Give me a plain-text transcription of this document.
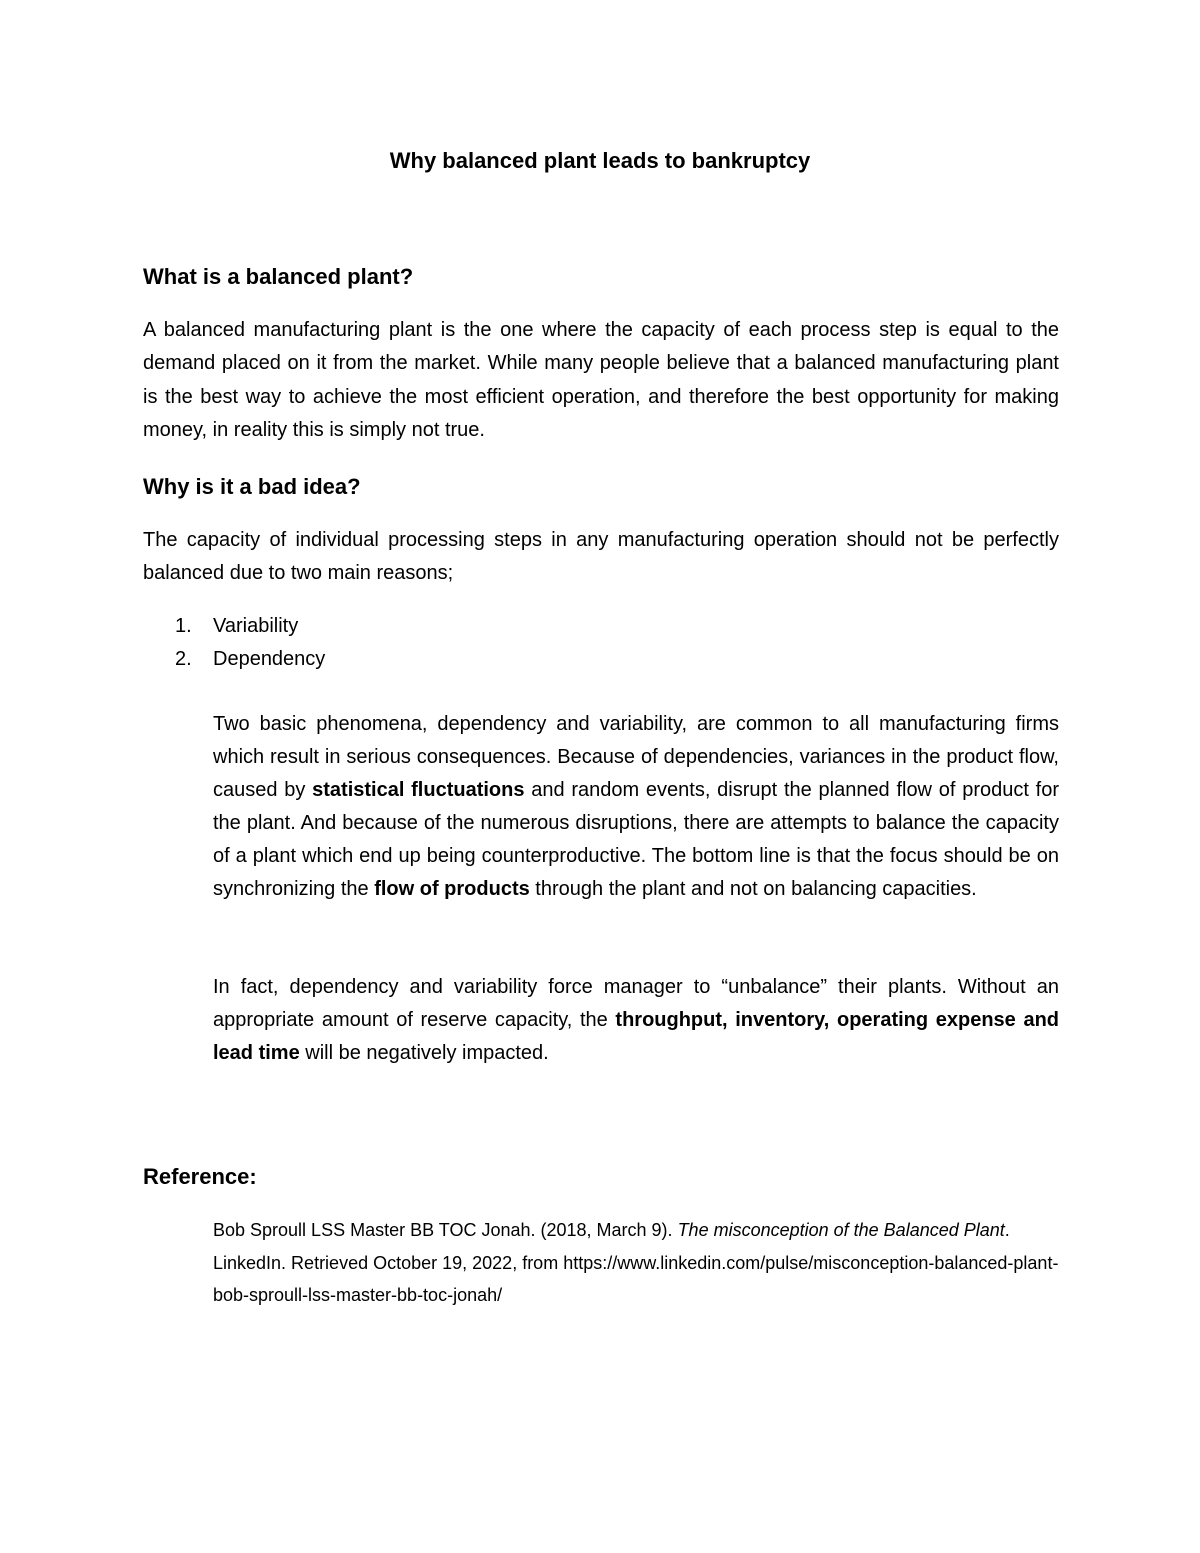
Why balanced plant leads to bankruptcy
What is a balanced plant?
A balanced manufacturing plant is the one where the capacity of each process step is equal to the demand placed on it from the market. While many people believe that a balanced manufacturing plant is the best way to achieve the most efficient operation, and therefore the best opportunity for making money, in reality this is simply not true.
Why is it a bad idea?
The capacity of individual processing steps in any manufacturing operation should not be perfectly balanced due to two main reasons;
1. Variability
2. Dependency
Two basic phenomena, dependency and variability, are common to all manufacturing firms which result in serious consequences. Because of dependencies, variances in the product flow, caused by statistical fluctuations and random events, disrupt the planned flow of product for the plant. And because of the numerous disruptions, there are attempts to balance the capacity of a plant which end up being counterproductive. The bottom line is that the focus should be on synchronizing the flow of products through the plant and not on balancing capacities.
In fact, dependency and variability force manager to “unbalance” their plants. Without an appropriate amount of reserve capacity, the throughput, inventory, operating expense and lead time will be negatively impacted.
Reference:
Bob Sproull LSS Master BB TOC Jonah. (2018, March 9). The misconception of the Balanced Plant. LinkedIn. Retrieved October 19, 2022, from https://www.linkedin.com/pulse/misconception-balanced-plant-bob-sproull-lss-master-bb-toc-jonah/
